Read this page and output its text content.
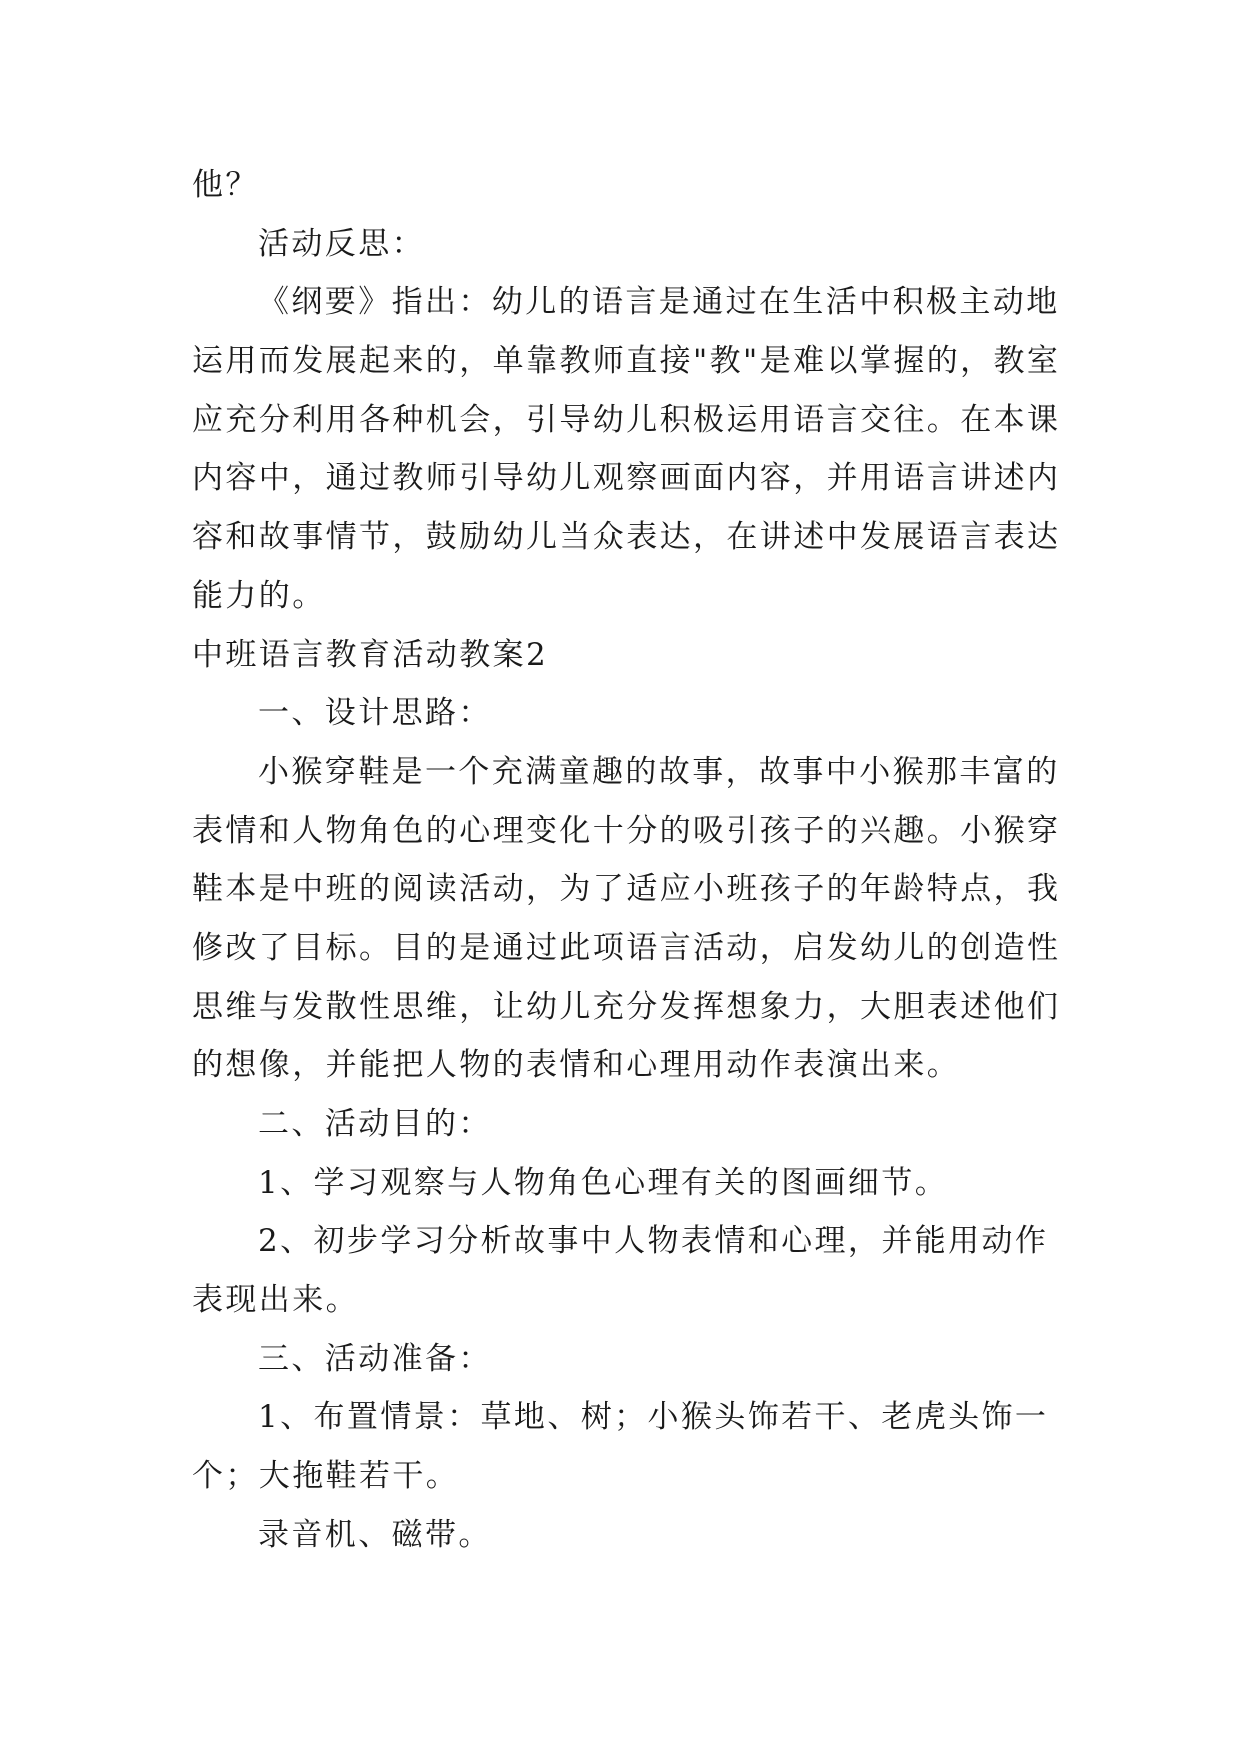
他？
活动反思：
《纲要》指出：幼儿的语言是通过在生活中积极主动地
运用而发展起来的，单靠教师直接"教"是难以掌握的，教室
应充分利用各种机会，引导幼儿积极运用语言交往。在本课
内容中，通过教师引导幼儿观察画面内容，并用语言讲述内
容和故事情节，鼓励幼儿当众表达，在讲述中发展语言表达
能力的。
中班语言教育活动教案2
一、设计思路：
小猴穿鞋是一个充满童趣的故事，故事中小猴那丰富的
表情和人物角色的心理变化十分的吸引孩子的兴趣。小猴穿
鞋本是中班的阅读活动，为了适应小班孩子的年龄特点，我
修改了目标。目的是通过此项语言活动，启发幼儿的创造性
思维与发散性思维，让幼儿充分发挥想象力，大胆表述他们
的想像，并能把人物的表情和心理用动作表演出来。
二、活动目的：
1、学习观察与人物角色心理有关的图画细节。
2、初步学习分析故事中人物表情和心理，并能用动作
表现出来。
三、活动准备：
1、布置情景：草地、树；小猴头饰若干、老虎头饰一
个；大拖鞋若干。
录音机、磁带。
